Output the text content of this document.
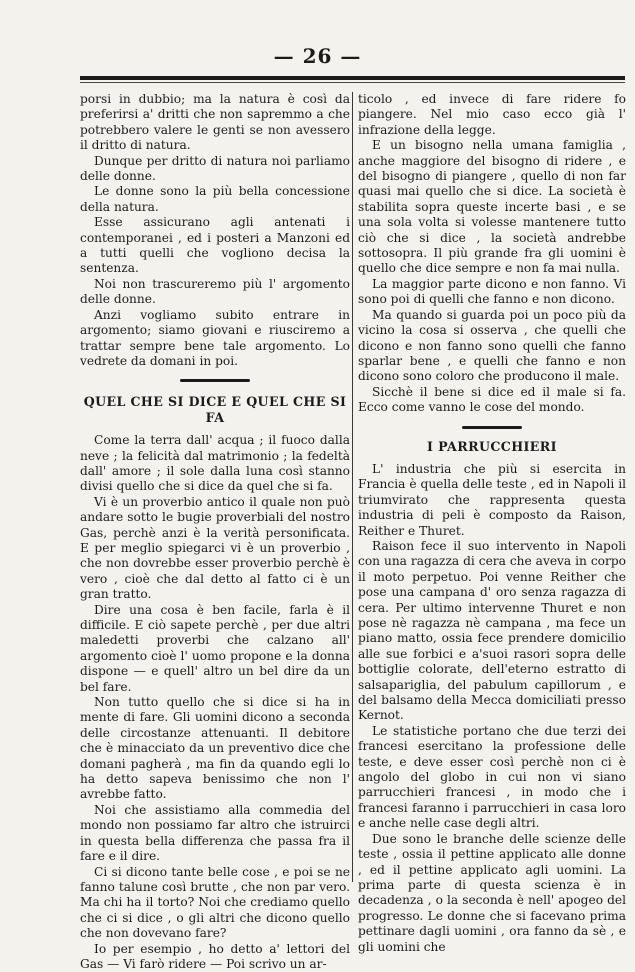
— 26 —

porsi in dubbio; ma la natura è così da preferirsi a' dritti che non sapremmo a che potrebbero valere le genti se non avessero il dritto di natura.

Dunque per dritto di natura noi parliamo delle donne.

Le donne sono la più bella concessione della natura.

Esse assicurano agli antenati i contemporanei , ed i posteri a Manzoni ed a tutti quelli che vogliono decisa la sentenza.

Noi non trascureremo più l' argomento delle donne.

Anzi vogliamo subito entrare in argomento; siamo giovani e riusciremo a trattar sempre bene tale argomento. Lo vedrete da domani in poi.

QUEL CHE SI DICE E QUEL CHE SI FA

Come la terra dall' acqua ; il fuoco dalla neve ; la felicità dal matrimonio ; la fedeltà dall' amore ; il sole dalla luna così stanno divisi quello che si dice da quel che si fa.

Vi è un proverbio antico il quale non può andare sotto le bugie proverbiali del nostro Gas, perchè anzi è la verità personificata. E per meglio spiegarci vi è un proverbio , che non dovrebbe esser proverbio perchè è vero , cioè che dal detto al fatto ci è un gran tratto.

Dire una cosa è ben facile, farla è il difficile. E ciò sapete perchè , per due altri maledetti proverbi che calzano all' argomento cioè l' uomo propone e la donna dispone — e quell' altro un bel dire da un bel fare.

Non tutto quello che si dice si ha in mente di fare. Gli uomini dicono a seconda delle circostanze attenuanti. Il debitore che è minacciato da un preventivo dice che domani pagherà , ma fin da quando egli lo ha detto sapeva benissimo che non l' avrebbe fatto.

Noi che assistiamo alla commedia del mondo non possiamo far altro che istruirci in questa bella differenza che passa fra il fare e il dire.

Ci si dicono tante belle cose , e poi se ne fanno talune così brutte , che non par vero. Ma chi ha il torto? Noi che crediamo quello che ci si dice , o gli altri che dicono quello che non dovevano fare?

Io per esempio , ho detto a' lettori del Gas — Vi farò ridere — Poi scrivo un ar-

ticolo , ed invece di fare ridere fo piangere. Nel mio caso ecco già l' infrazione della legge.

E un bisogno nella umana famiglia , anche maggiore del bisogno di ridere , e del bisogno di piangere , quello di non far quasi mai quello che si dice. La società è stabilita sopra queste incerte basi , e se una sola volta si volesse mantenere tutto ciò che si dice , la società andrebbe sottosopra. Il più grande fra gli uomini è quello che dice sempre e non fa mai nulla.

La maggior parte dicono e non fanno. Vi sono poi di quelli che fanno e non dicono.

Ma quando si guarda poi un poco più da vicino la cosa si osserva , che quelli che dicono e non fanno sono quelli che fanno sparlar bene , e quelli che fanno e non dicono sono coloro che producono il male.

Sicchè il bene si dice ed il male si fa. Ecco come vanno le cose del mondo.

I PARRUCCHIERI

L' industria che più si esercita in Francia è quella delle teste , ed in Napoli il triumvirato che rappresenta questa industria di peli è composto da Raison, Reither e Thuret.

Raison fece il suo intervento in Napoli con una ragazza di cera che aveva in corpo il moto perpetuo. Poi venne Reither che pose una campana d' oro senza ragazza di cera. Per ultimo intervenne Thuret e non pose nè ragazza nè campana , ma fece un piano matto, ossia fece prendere domicilio alle sue forbici e a'suoi rasori sopra delle bottiglie colorate, dell'eterno estratto di salsapariglia, del pabulum capillorum , e del balsamo della Mecca domiciliati presso Kernot.

Le statistiche portano che due terzi dei francesi esercitano la professione delle teste, e deve esser così perchè non ci è angolo del globo in cui non vi siano parrucchieri francesi , in modo che i francesi faranno i parrucchieri in casa loro e anche nelle case degli altri.

Due sono le branche delle scienze delle teste , ossia il pettine applicato alle donne , ed il pettine applicato agli uomini. La prima parte di questa scienza è in decadenza , o la seconda è nell' apogeo del progresso. Le donne che si facevano prima pettinare dagli uomini , ora fanno da sè , e gli uomini che
